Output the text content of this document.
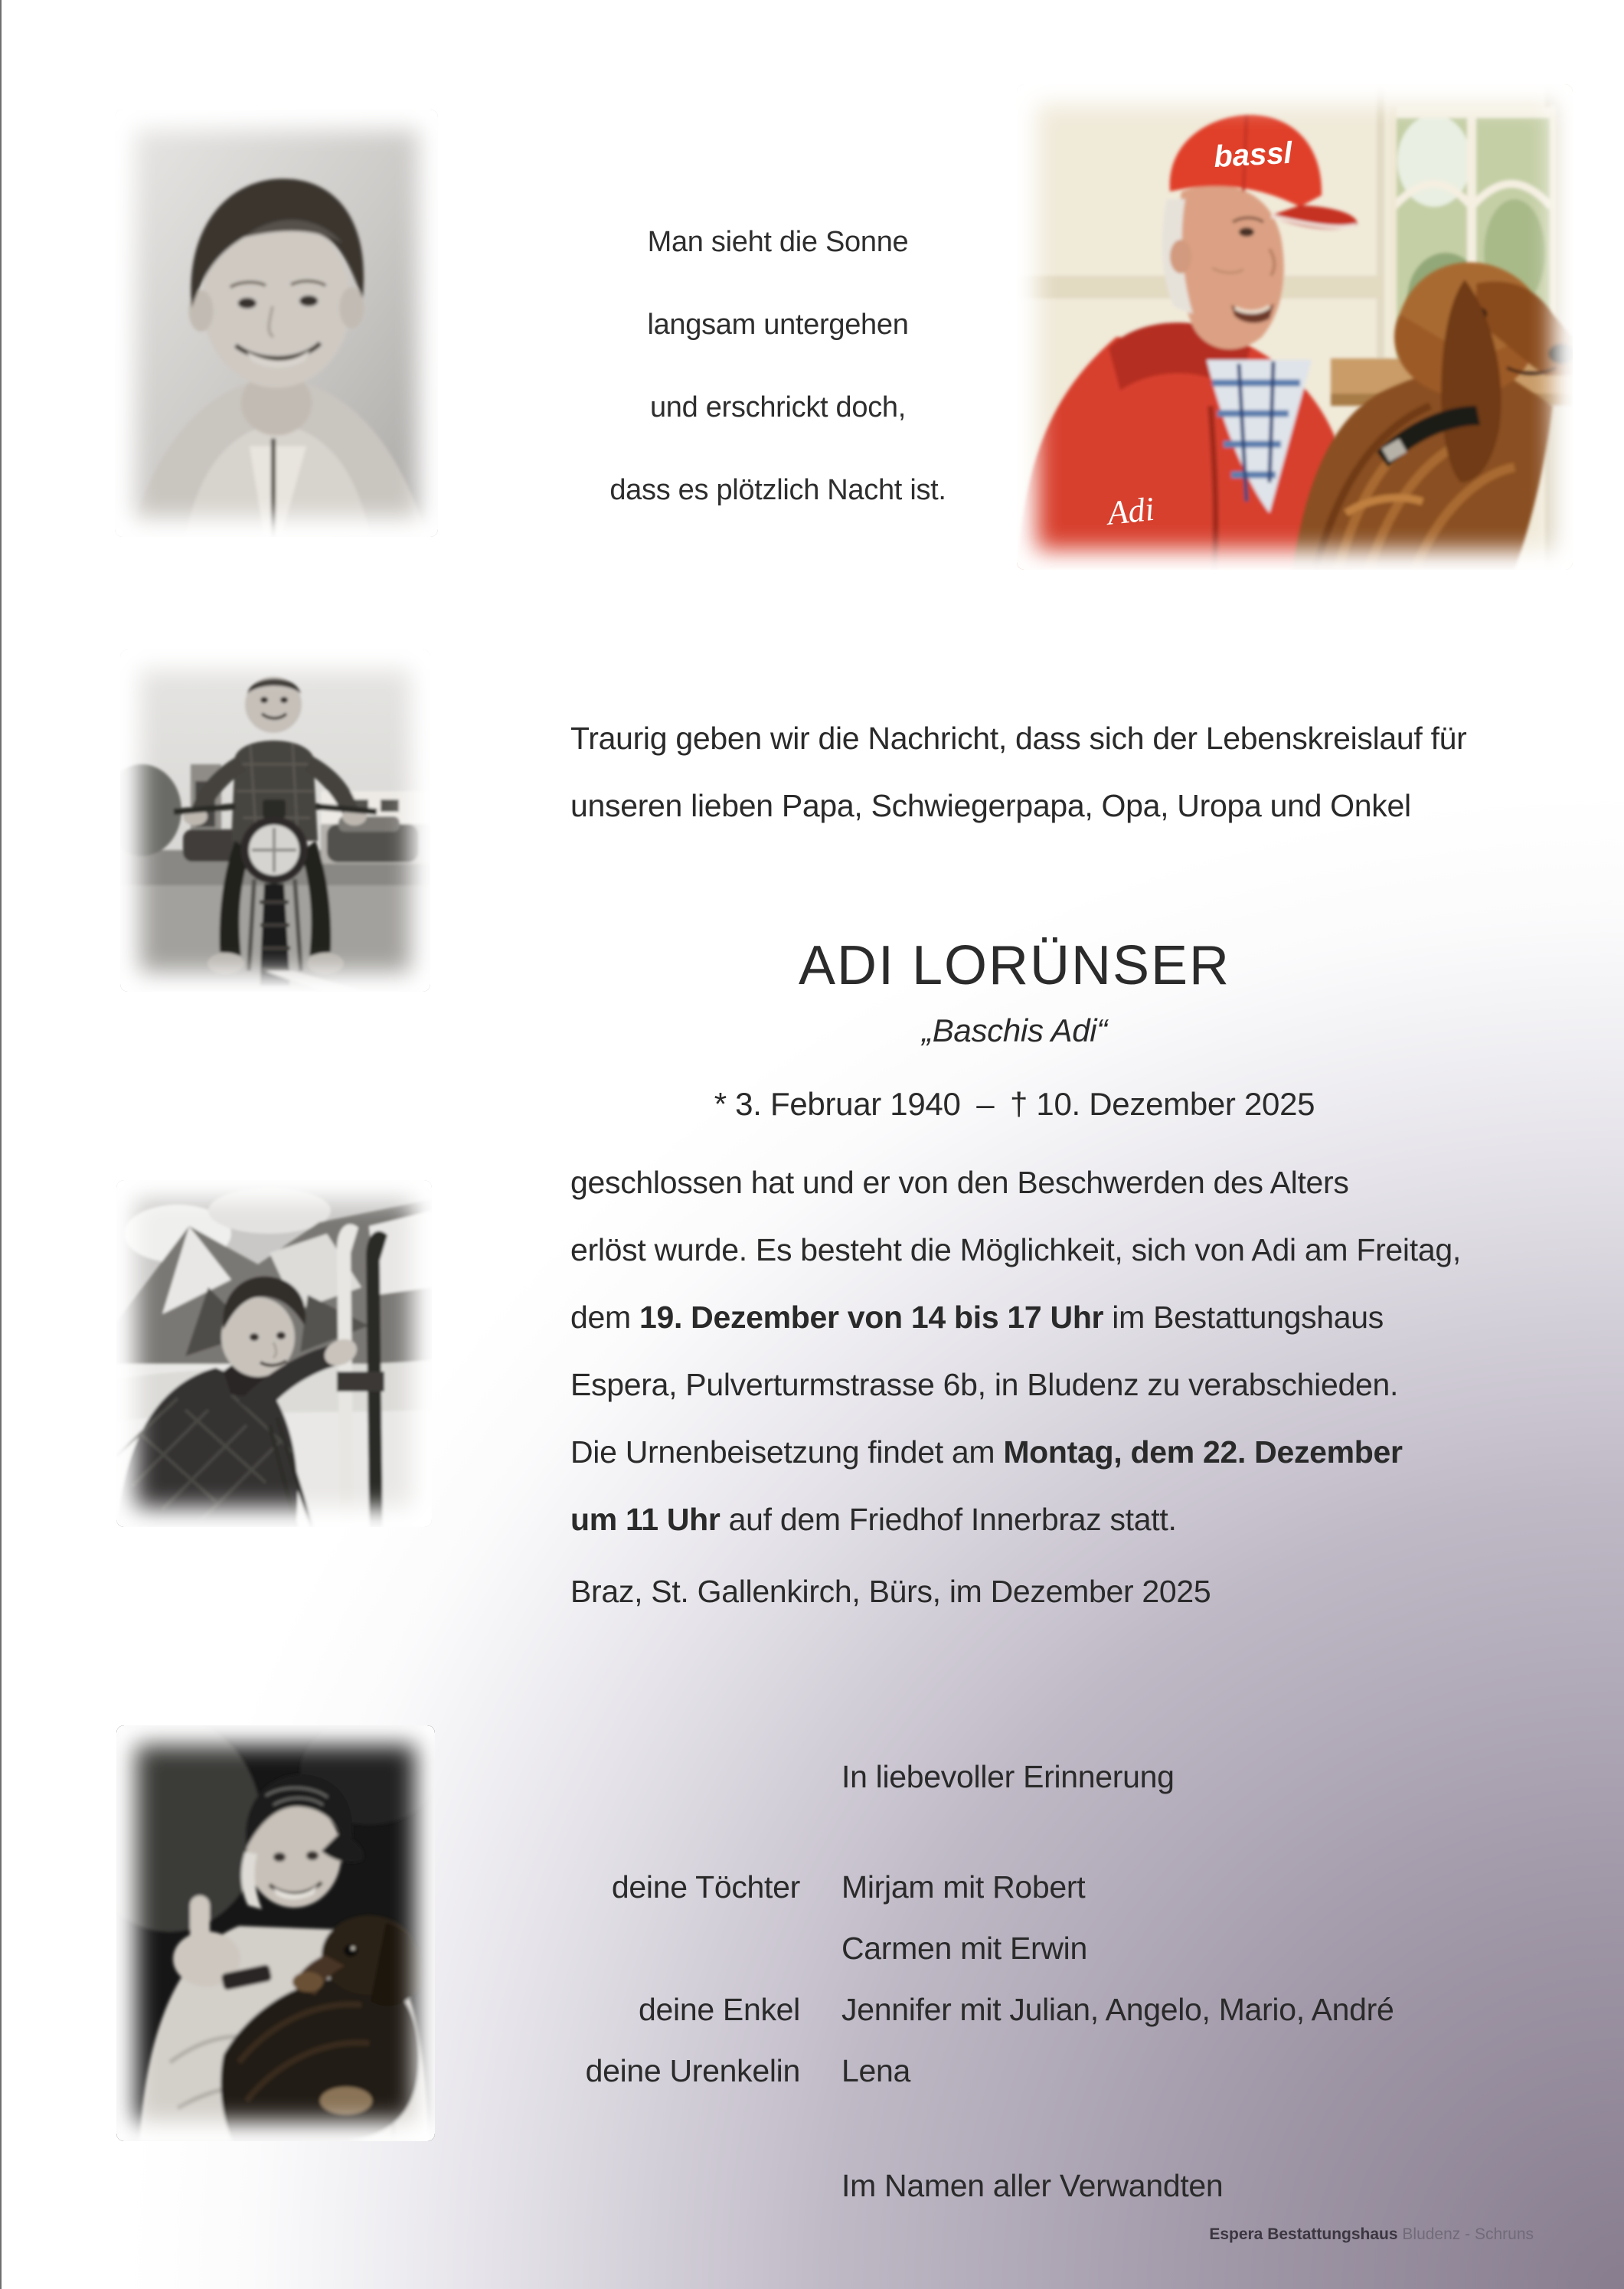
bassl
Adi
Man sieht die Sonne
langsam untergehen
und erschrickt doch,
dass es plötzlich Nacht ist.
Traurig geben wir die Nachricht, dass sich der Lebenskreislauf für
unseren lieben Papa, Schwiegerpapa, Opa, Uropa und Onkel
ADI LORÜNSER
„Baschis Adi“
* 3. Februar 1940 – † 10. Dezember 2025
geschlossen hat und er von den Beschwerden des Alters
erlöst wurde. Es besteht die Möglichkeit, sich von Adi am Freitag,
dem 19. Dezember von 14 bis 17 Uhr im Bestattungshaus
Espera, Pulverturmstrasse 6b, in Bludenz zu verabschieden.
Die Urnenbeisetzung findet am Montag, dem 22. Dezember
um 11 Uhr auf dem Friedhof Innerbraz statt.
Braz, St. Gallenkirch, Bürs, im Dezember 2025
In liebevoller Erinnerung
deine Töchter Mirjam mit Robert
Carmen mit Erwin
deine Enkel Jennifer mit Julian, Angelo, Mario, André
deine Urenkelin Lena
Im Namen aller Verwandten
Espera Bestattungshaus Bludenz - Schruns
